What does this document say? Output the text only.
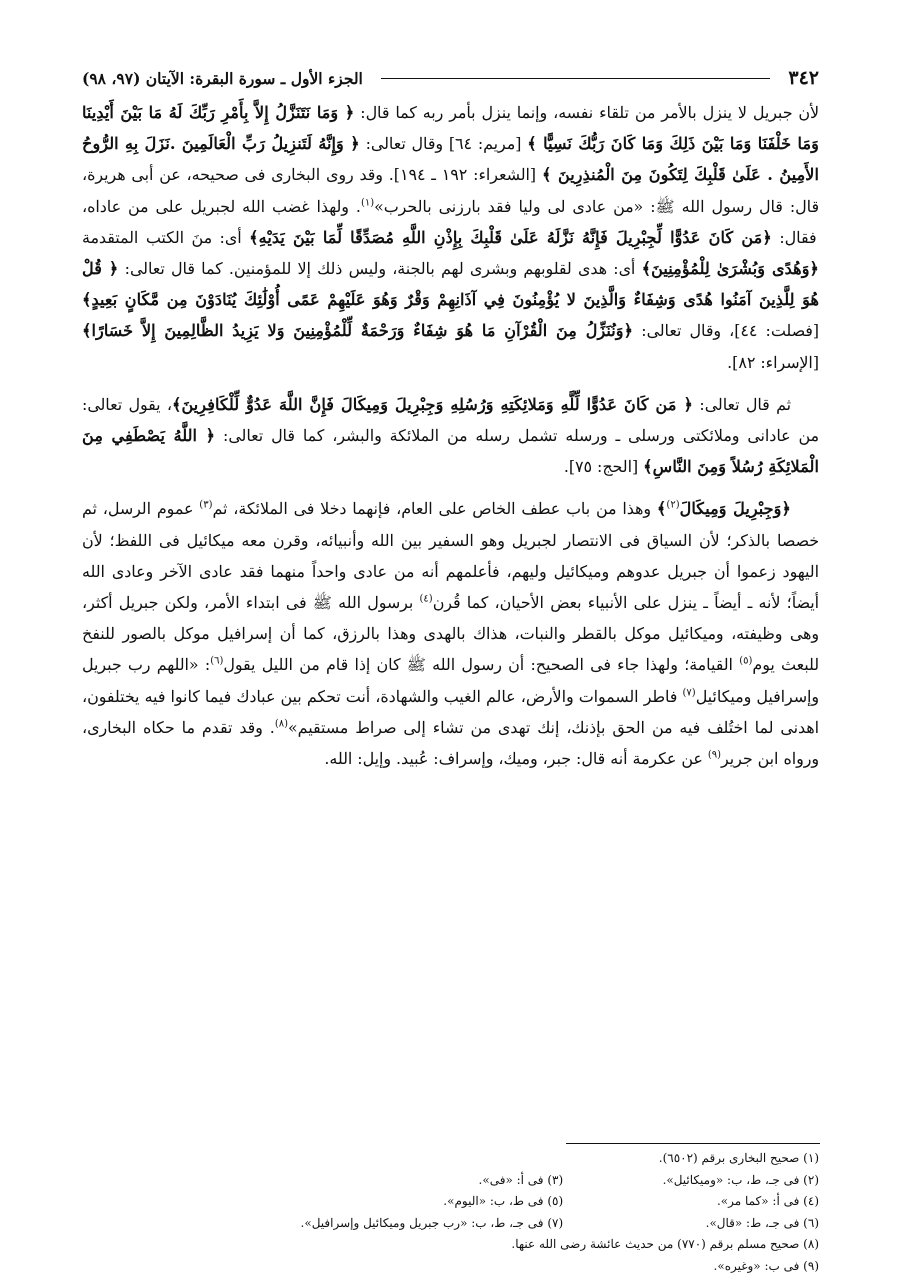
٣٤٢
الجزء الأول ـ سورة البقرة: الآيتان (٩٧، ٩٨)

لأن جبريل لا ينزل بالأمر من تلقاء نفسه، وإنما ينزل بأمر ربه كما قال: ﴿ وَمَا نَتَنَزَّلُ إِلاَّ بِأَمْرِ رَبِّكَ لَهُ مَا بَيْنَ أَيْدِينَا وَمَا خَلْفَنَا وَمَا بَيْنَ ذَلِكَ وَمَا كَانَ رَبُّكَ نَسِيًّا ﴾ [مريم: ٦٤] وقال تعالى: ﴿ وَإِنَّهُ لَتَنزِيلُ رَبِّ الْعَالَمِينَ .نَزَلَ بِهِ الرُّوحُ الأَمِينُ . عَلَىٰ قَلْبِكَ لِتَكُونَ مِنَ الْمُنذِرِينَ ﴾ [الشعراء: ١٩٢ ـ ١٩٤]. وقد روى البخارى فى صحيحه، عن أبى هريرة، قال: قال رسول الله ﷺ: «من عادى لى وليا فقد بارزنى بالحرب»$^{(١)}$. ولهذا غضب الله لجبريل على من عاداه، فقال: ﴿مَن كَانَ عَدُوًّا لِّجِبْرِيلَ فَإِنَّهُ نَزَّلَهُ عَلَىٰ قَلْبِكَ بِإِذْنِ اللَّهِ مُصَدِّقًا لِّمَا بَيْنَ يَدَيْهِ﴾ أى: منَ الكتب المتقدمة ﴿وَهُدًى وَبُشْرَىٰ لِلْمُؤْمِنِينَ﴾ أى: هدى لقلوبهم وبشرى لهم بالجنة، وليس ذلك إلا للمؤمنين. كما قال تعالى: ﴿ قُلْ هُوَ لِلَّذِينَ آمَنُوا هُدًى وَشِفَاءٌ وَالَّذِينَ لا يُؤْمِنُونَ فِي آذَانِهِمْ وَقْرٌ وَهُوَ عَلَيْهِمْ عَمًى أُوْلَٰئِكَ يُنَادَوْنَ مِن مَّكَانٍ بَعِيدٍ﴾ [فصلت: ٤٤]، وقال تعالى: ﴿وَنُنَزِّلُ مِنَ الْقُرْآنِ مَا هُوَ شِفَاءٌ وَرَحْمَةٌ لِّلْمُؤْمِنِينَ وَلا يَزِيدُ الظَّالِمِينَ إِلاَّ خَسَارًا﴾ [الإسراء: ٨٢].

ثم قال تعالى: ﴿ مَن كَانَ عَدُوًّا لِّلَّهِ وَمَلائِكَتِهِ وَرُسُلِهِ وَجِبْرِيلَ وَمِيكَالَ فَإِنَّ اللَّهَ عَدُوٌّ لِّلْكَافِرِينَ﴾، يقول تعالى: من عادانى وملائكتى ورسلى ـ ورسله تشمل رسله من الملائكة والبشر، كما قال تعالى: ﴿ اللَّهُ يَصْطَفِي مِنَ الْمَلائِكَةِ رُسُلاً وَمِنَ النَّاسِ﴾ [الحج: ٧٥].

﴿وَجِبْرِيلَ وَمِيكَالَ$^{(٢)}$﴾ وهذا من باب عطف الخاص على العام، فإنهما دخلا فى الملائكة، ثم$^{(٣)}$ عموم الرسل، ثم خصصا بالذكر؛ لأن السياق فى الانتصار لجبريل وهو السفير بين الله وأنبيائه، وقرن معه ميكائيل فى اللفظ؛ لأن اليهود زعموا أن جبريل عدوهم وميكائيل وليهم، فأعلمهم أنه من عادى واحداً منهما فقد عادى الآخر وعادى الله أيضاً؛ لأنه ـ أيضاً ـ ينزل على الأنبياء بعض الأحيان، كما قُرن$^{(٤)}$ برسول الله ﷺ فى ابتداء الأمر، ولكن جبريل أكثر، وهى وظيفته، وميكائيل موكل بالقطر والنبات، هذاك بالهدى وهذا بالرزق، كما أن إسرافيل موكل بالصور للنفخ للبعث يوم$^{(٥)}$ القيامة؛ ولهذا جاء فى الصحيح: أن رسول الله ﷺ كان إذا قام من الليل يقول$^{(٦)}$: «اللهم رب جبريل وإسرافيل وميكائيل$^{(٧)}$ فاطر السموات والأرض، عالم الغيب والشهادة، أنت تحكم بين عبادك فيما كانوا فيه يختلفون، اهدنى لما اختُلف فيه من الحق بإذنك، إنك تهدى من تشاء إلى صراط مستقيم»$^{(٨)}$. وقد تقدم ما حكاه البخارى، ورواه ابن جرير$^{(٩)}$ عن عكرمة أنه قال: جبر، وميك، وإسراف: عُبيد. وإيل: الله.

(١) صحيح البخارى برقم (٦٥٠٢).
(٢) فى جـ، ط، ب: «وميكائيل». (٣) فى أ: «فى».
(٤) فى أ: «كما مر». (٥) فى ط، ب: «اليوم».
(٦) فى جـ، ط: «قال». (٧) فى جـ، ط، ب: «رب جبريل وميكائيل وإسرافيل».
(٨) صحيح مسلم برقم (٧٧٠) من حديث عائشة رضى الله عنها.
(٩) فى ب: «وغيره».
